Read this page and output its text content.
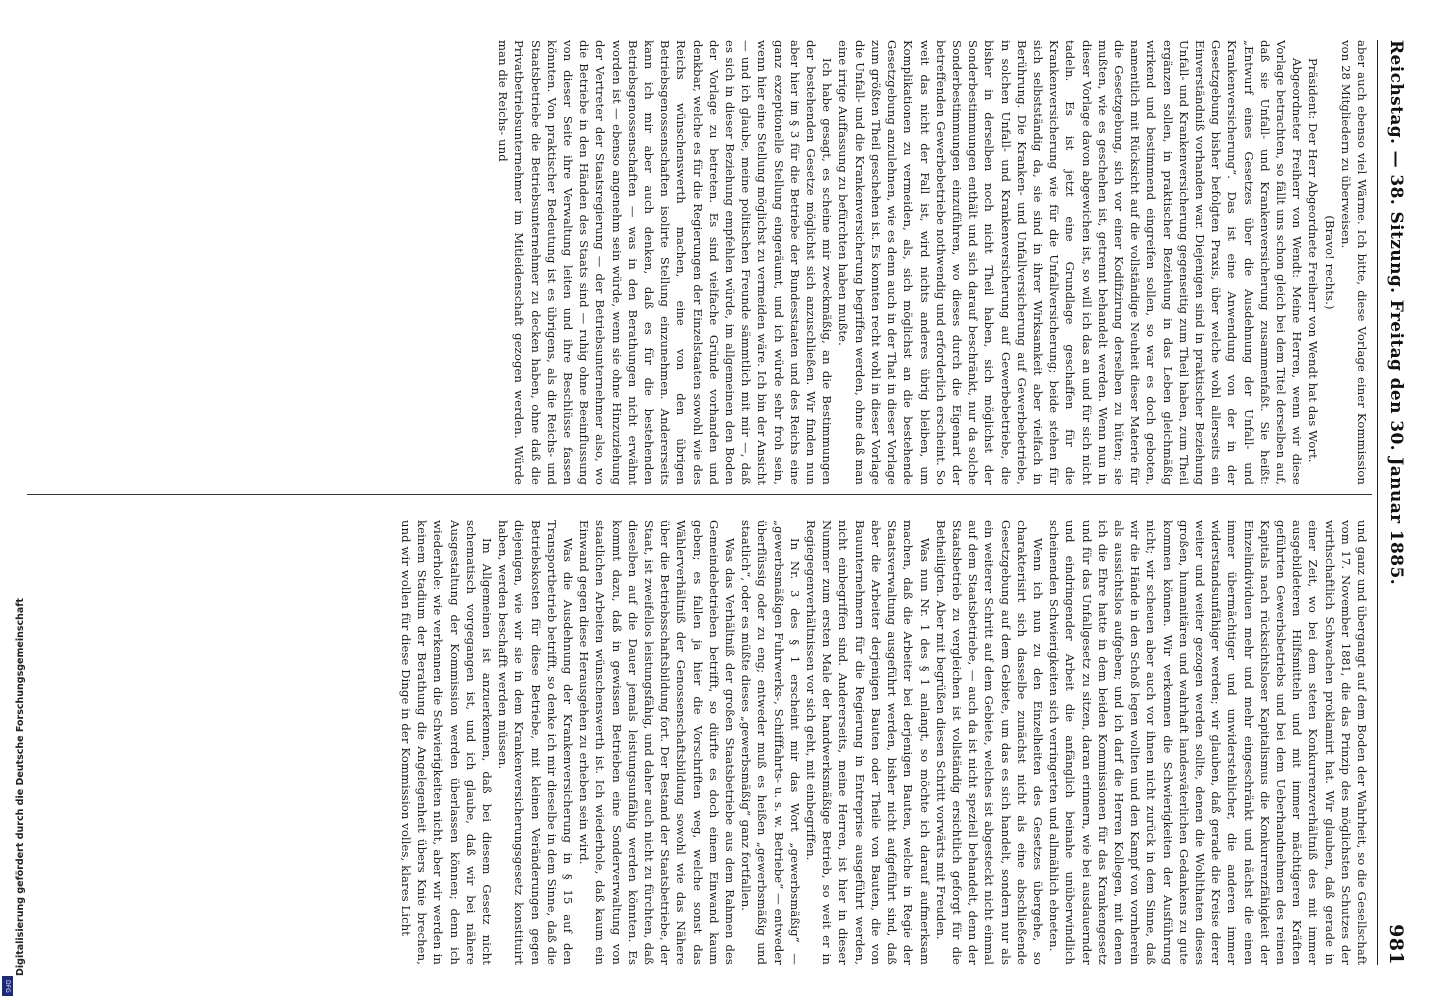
Reichstag. — 38. Sitzung. Freitag den 30. Januar 1885.
981

aber auch ebenso viel Wärme. Ich bitte, diese Vorlage einer Kommission von 28 Mitgliedern zu überweisen.

(Bravo! rechts.)

Präsident: Der Herr Abgeordnete Freiherr von Wendt hat das Wort.

Abgeordneter Freiherr von Wendt: Meine Herren, wenn wir diese Vorlage betrachten, so fällt uns schon gleich bei dem Titel derselben auf, daß sie Unfall- und Krankenversicherung zusammenfaßt. Sie heißt: „Entwurf eines Gesetzes über die Ausdehnung der Unfall- und Krankenversicherung“. Das ist eine Anwendung von der in der Gesetzgebung bisher befolgten Praxis, über welche wohl allerseits ein Einverständniß vorhanden war. Diejenigen sind in praktischer Beziehung Unfall- und Krankenversicherung gegenseitig zum Theil haben, zum Theil ergänzen sollen, in praktischer Beziehung in das Leben gleichmäßig wirkend und bestimmend eingreifen sollen, so war es doch geboten, namentlich mit Rücksicht auf die vollständige Neuheit dieser Materie für die Gesetzgebung, sich vor einer Kodifizirung derselben zu hüten; sie mußten, wie es geschehen ist, getrennt behandelt werden. Wenn nun in dieser Vorlage davon abgewichen ist, so will ich das an und für sich nicht tadeln. Es ist jetzt eine Grundlage geschaffen für die Krankenversicherung wie für die Unfallversicherung; beide stehen für sich selbstständig da, sie sind in ihrer Wirksamkeit aber vielfach in Berührung. Die Kranken- und Unfallversicherung auf Gewerbebetriebe, in solchen Unfall- und Krankenversicherung auf Gewerbebetriebe, die bisher in derselben noch nicht Theil haben, sich möglichst der Sonderbestimmungen enthält und sich darauf beschränkt, nur da solche Sonderbestimmungen einzuführen, wo dieses durch die Eigenart der betreffenden Gewerbebetriebe nothwendig und erforderlich erscheint. So weit das nicht der Fall ist, wird nichts anderes übrig bleiben, um Komplikationen zu vermeiden, als, sich möglichst an die bestehende Gesetzgebung anzulehnen, wie es denn auch in der That in dieser Vorlage zum größten Theil geschehen ist. Es konnten recht wohl in dieser Vorlage die Unfall- und die Krankenversicherung begriffen werden, ohne daß man eine irrige Auffassung zu befürchten haben mußte.

Ich habe gesagt, es scheine mir zweckmäßig, an die Bestimmungen der bestehenden Gesetze möglichst sich anzuschließen. Wir finden nun aber hier im § 3 für die Betriebe der Bundesstaaten und des Reichs eine ganz exzeptionelle Stellung eingeräumt, und ich würde sehr froh sein, wenn hier eine Stellung möglichst zu vermeiden wäre. Ich bin der Ansicht — und ich glaube, meine politischen Freunde sämmtlich mit mir —, daß es sich in dieser Beziehung empfehlen würde, im allgemeinen den Boden der Vorlage zu betreten. Es sind vielfache Gründe vorhanden und denkbar, welche es für die Regierungen der Einzelstaaten sowohl wie des Reichs wünschenswerth machen, eine von den übrigen Betriebsgenossenschaften isolirte Stellung einzunehmen. Andererseits kann ich mir aber auch denken, daß es für die bestehenden Betriebsgenossenschaften — was in den Berathungen nicht erwähnt worden ist — ebenso angenehm sein würde, wenn sie ohne Hinzuziehung der Vertreter der Staatsregierung — der Betriebsunternehmer also, wo die Betriebe in den Händen des Staats sind — ruhig ohne Beeinflussung von dieser Seite ihre Verwaltung leiten und ihre Beschlüsse fassen könnten. Von praktischer Bedeutung ist es übrigens, als die Reichs- und Staatsbetriebe die Betriebsunternehmer zu decken haben, ohne daß die Privatbetriebsunternehmer im Mitleidenschaft gezogen werden. Würde man die Reichs- und

und ganz und übergangt auf dem Boden der Wahrheit, so die Gesellschaft vom 17. November 1881, die das Prinzip des möglichsten Schutzes der wirthschaftlich Schwachen proklamirt hat. Wir glauben, daß gerade in einer Zeit, wo bei dem steten Konkurrenzverhältniß des mit immer ausgebildeteren Hilfsmitteln und mit immer mächtigeren Kräften geführten Gewerbsbetriebs und bei dem Ueberhandnehmen des reinen Kapitals nach rücksichtsloser Kapitalismus die Konkurrenzfähigkeit der Einzelindividuen mehr und mehr eingeschränkt und nächst die einen immer übermächtiger und unwiderstehlicher, die anderen immer widerstandsunfähiger werden; wir glauben, daß gerade die Kreise derer weiter und weiter gezogen werden sollte, denen die Wohlthaten dieses großen, humanitären und wahrhaft landesväterlichen Gedankens zu gute kommen können. Wir verkennen die Schwierigkeiten der Ausführung nicht; wir scheuen aber auch vor ihnen nicht zurück in dem Sinne, daß wir die Hände in den Schoß legen wollten und den Kampf von vornherein als aussichtslos aufgeben; und ich darf die Herren Kollegen, mit denen ich die Ehre hatte in dem beiden Kommissionen für das Krankengesetz und für das Unfallgesetz zu sitzen, daran erinnern, wie bei ausdauernder und eindringender Arbeit die anfänglich beinahe unüberwindlich scheinenden Schwierigkeiten sich verringerten und allmählich ebneten.

Wenn ich nun zu den Einzelheiten des Gesetzes übergehe, so charakterisirt sich dasselbe zunächst nicht als eine abschließende Gesetzgebung auf dem Gebiete, um das es sich handelt, sondern nur als ein weiterer Schritt auf dem Gebiete, welches ist abgesteckt nicht einmal auf dem Staatsbetriebe, — auch da ist nicht speziell behandelt, denn der Staatsbetrieb zu vergleichen ist vollständig ersichtlich geforgt für die Betheiligten. Aber mit begrüßen diesen Schritt vorwärts mit Freuden.

Was nun Nr. 1 des § 1 anlangt, so möchte ich darauf aufmerksam machen, daß die Arbeiter bei derjenigen Bauten, welche in Regie der Staatsverwaltung ausgeführt werden, bisher nicht aufgeführt sind, daß aber die Arbeiter derjenigen Bauten oder Theile von Bauten, die von Bauunternehmern für die Regierung in Entreprise ausgeführt werden, nicht einbegriffen sind. Andererseits, meine Herren, ist hier in dieser Nummer zum ersten Male der handwerksmäßige Betrieb, so weit er in Regiegegenverhältnissen vor sich geht, mit einbegriffen.

In Nr. 3 des § 1 erscheint mir das Wort „gewerbsmäßig“ — „gewerbsmäßigen Fuhrwerks-, Schifffahrts- u. s. w. Betriebe“ — entweder überflüssig oder zu eng; entweder muß es heißen „gewerbsmäßig und staatlich“, oder es müßte dieses „gewerbsmäßig“ ganz fortfallen.

Was das Verhältniß der großen Staatsbetriebe aus dem Rahmen des Gemeindebetrieben betrifft, so dürfte es doch einem Einwand kaum geben; es fallen ja hier die Vorschriften weg, welche sonst das Wählerverhältniß der Genossenschaftsbildung sowohl wie das Nähere über die Betriebsschaftsbildung fort. Der Bestand der Staatsbetriebe, der Staat, ist zweifellos leistungsfähig, und daher auch nicht zu fürchten, daß dieselben auf die Dauer jemals leistungsunfähig werden könnten. Es kommt dazu, daß in gewissen Betrieben eine Sonderverwaltung von staatlichen Arbeiten wünschenswerth ist. Ich wiederhole, daß kaum ein Einwand gegen diese Herausgehen zu erheben sein wird.

Was die Ausdehnung der Krankenversicherung in § 15 auf den Transportbetrieb betrifft, so denke ich mir dieselbe in dem Sinne, daß die Betriebskosten für diese Betriebe, mit kleinen Veränderungen gegen diejenigen, wie wir sie in dem Krankenversicherungsgesetz konstituirt haben, werden beschafft werden müssen.

Im Allgemeinen ist anzuerkennen, daß bei diesem Gesetz nicht schematisch vorgegangen ist, und ich glaube, daß wir bei nähere Ausgestaltung der Kommission werden überlassen können; denn ich wiederhole: wie verkennen die Schwierigkeiten nicht, aber wir werden in keinem Stadium der Berathung die Angelegenheit übers Knie brechen, und wir wollen für diese Dinge in der Kommission volles, klares Licht

Digitalisierung gefördert durch die Deutsche Forschungsgemeinschaft
DFG
